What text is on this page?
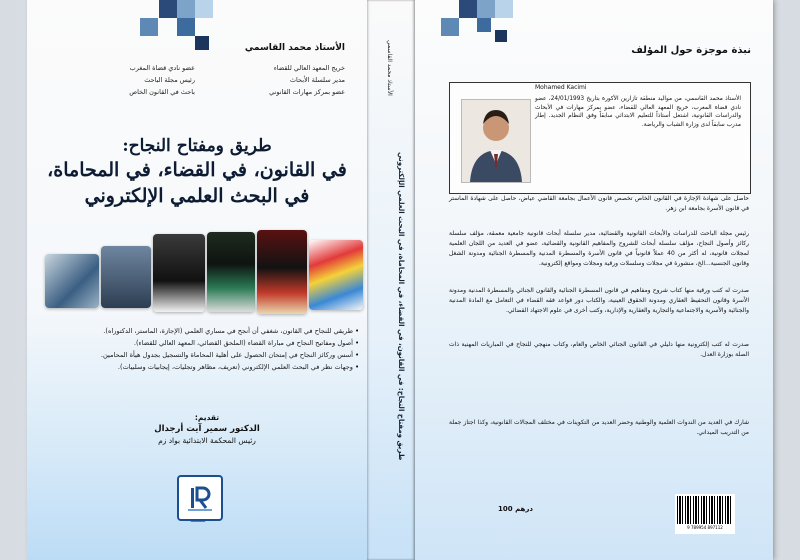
الأستاذ محمد القاسمي
خريج المعهد العالي للقضاء
عضو نادي قضاة المغرب
مدير سلسلة الأبحاث
رئيس مجلة الباحث
عضو بمركز مهارات القانوني
باحث في القانون الخاص
طريق ومفتاح النجاح:
في القانون، في القضاء، في المحاماة،
في البحث العلمي الإلكتروني
• طريقي للنجاح في القانون، شغفي أن أنجح في مساري العلمي (الإجازة، الماستر، الدكتوراه).
• أصول ومفاتيح النجاح في مباراة القضاء (الملحق القضائي، المعهد العالي للقضاء).
• أسس وركائز النجاح في إمتحان الحصول على أهلية المحاماة والتسجيل بجدول هيأة المحامين.
• وجهات نظر في البحث العلمي الإلكتروني (تعريف، مظاهر وتجليات، إيجابيات وسلبيات).
تقديم:
الدكتور سمير آيت أرجدال
رئيس المحكمة الابتدائية بواد زم
━━━━━━
الأستاذ محمد القاسمي
طريق ومفتاح النجاح: في القانون، في القضاء، في المحاماة، في البحث العلمي الإلكتروني
نبذة موجزة حول المؤلف
Mohamed Kacimi
الأستاذ محمد القاسمي، من مواليد منطقة تازارين الأكورة بتاريخ 24/01/1993، عضو نادي قضاة المغرب، خريج المعهد العالي للقضاء، عضو بمركز مهارات في الأبحاث والدراسات القانونية، اشتغل أستاذاً للتعليم الابتدائي سابقاً وفق النظام الجديد. إطار مدرب سابقاً لدى وزارة الشباب والرياضة.
حاصل على شهادة الإجازة في القانون الخاص تخصص قانون الأعمال بجامعة القاضي عياض، حاصل على شهادة الماستر في قانون الأسرة بجامعة ابن زهر.
رئيس مجلة الباحث للدراسات والأبحاث القانونية والقضائية، مدير سلسلة أبحاث قانونية جامعية معمقة، مؤلف سلسلة ركائز وأصول النجاح، مؤلف سلسلة أبحاث للشروح والمفاهيم القانونية والقضائية، عضو في العديد من اللجان العلمية لمجلات قانونية، له أكثر من 40 عملاً قانونياً في قانون الأسرة والمسطرة المدنية والمسطرة الجنائية ومدونة الشغل وقانون الجنسية...الخ، منشورة في مجلات وسلسلات ورقية ومجلات ومواقع إلكترونية.
صدرت له كتب ورقية منها كتاب شروح ومفاهيم في قانون المسطرة الجنائية والقانون الجنائي والمسطرة المدنية ومدونة الأسرة وقانون التحفيظ العقاري ومدونة الحقوق العينية، والكتاب دور قواعد فقه القضاء في التعامل مع المادة المدنية والجنائية والأسرية والاجتماعية والتجارية والعقارية والإدارية، وكتب أخرى في علوم الاجتهاد القضائي.
صدرت له كتب إلكترونية منها دليلي في القانون الجنائي الخاص والعام، وكتاب منهجي للنجاح في المباريات المهنية ذات الصلة بوزارة العدل.
شارك في العديد من الندوات العلمية والوطنية وحضر العديد من التكوينات في مختلف المجالات القانونية، وكذا اجتاز جملة من التدريب الميداني.
100 درهم
9 789954 897112
